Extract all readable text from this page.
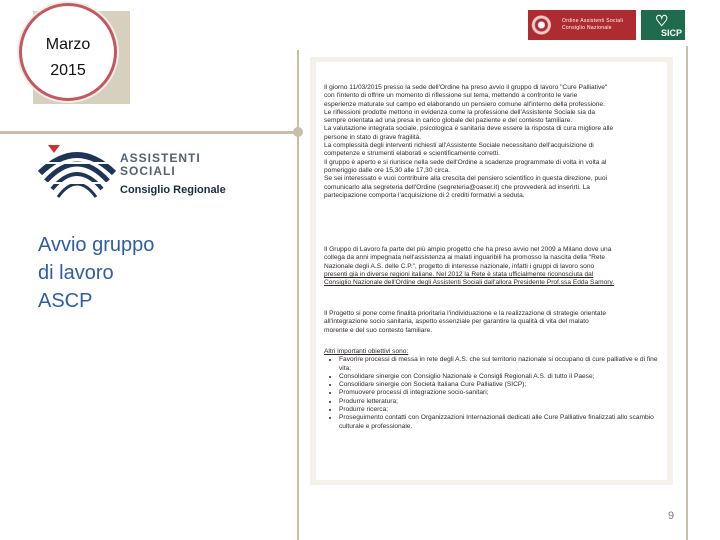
Marzo
2015
Ordine Assistenti Sociali
Consiglio Nazionale	♡
SICP
ASSISTENTI
SOCIALI
Consiglio Regionale
Avvio gruppo
di lavoro
ASCP

Il giorno 11/03/2015 presso la sede dell'Ordine ha preso avvio il gruppo di lavoro "Cure Palliative"

con l'intento di offrire un momento di riflessione sul tema, mettendo a confronto le varie

esperienze maturate sul campo ed elaborando un pensiero comune all'interno della professione.

Le riflessioni prodotte mettono in evidenza come la professione dell'Assistente Sociale sia da

sempre orientata ad una presa in carico globale del paziente e del contesto familiare.

La valutazione integrata sociale, psicologica e sanitaria deve essere la risposta di cura migliore alle

persone in stato di grave fragilità.

La complessità degli interventi richiesti all'Assistente Sociale necessitano dell'acquisizione di

competenze e strumenti elaborati e scientificamente corretti.

Il gruppo è aperto e si riunisce nella sede dell'Ordine a scadenze programmate di volta in volta al

pomeriggio dalle ore 15,30 alle 17,30 circa.

Se sei interessato e vuoi contribuire alla crescita del pensiero scientifico in questa direzione, puoi

comunicarlo alla segreteria dell'Ordine (segreteria@oaser.it) che provvederà ad inserirti. La

partecipazione comporta l'acquisizione di 2 crediti formativi a seduta.

Il Gruppo di Lavoro fa parte del più ampio progetto che ha preso avvio nel 2009 a Milano dove una

collega da anni impegnata nell'assistenza ai malati inguaribili ha promosso la nascita della "Rete

Nazionale degli A.S. delle C.P.", progetto di interesse nazionale, infatti i gruppi di lavoro sono

presenti già in diverse regioni italiane. Nel 2012 la Rete è stata ufficialmente riconosciuta dal

Consiglio Nazionale dell'Ordine degli Assistenti Sociali dall'allora Presidente Prof.ssa Edda Samory.

Il Progetto si pone come finalità prioritaria l'individuazione e la realizzazione di strategie orientate

all'integrazione socio sanitaria, aspetto essenziale per garantire la qualità di vita del malato

morente e del suo contesto familiare.

Altri importanti obiettivi sono:

• Favorire processi di messa in rete degli A.S. che sul territorio nazionale si occupano di cure palliative e di fine vita;
• Consolidare sinergie con Consiglio Nazionale e Consigli Regionali A.S. di tutto il Paese;
• Consolidare sinergie con Società Italiana Cure Palliative (SICP);
• Promuovere processi di integrazione socio-sanitari;
• Produrre letteratura;
• Produrre ricerca;
• Proseguimento contatti con Organizzazioni Internazionali dedicati alle Cure Palliative finalizzati allo scambio culturale e professionale.
9
